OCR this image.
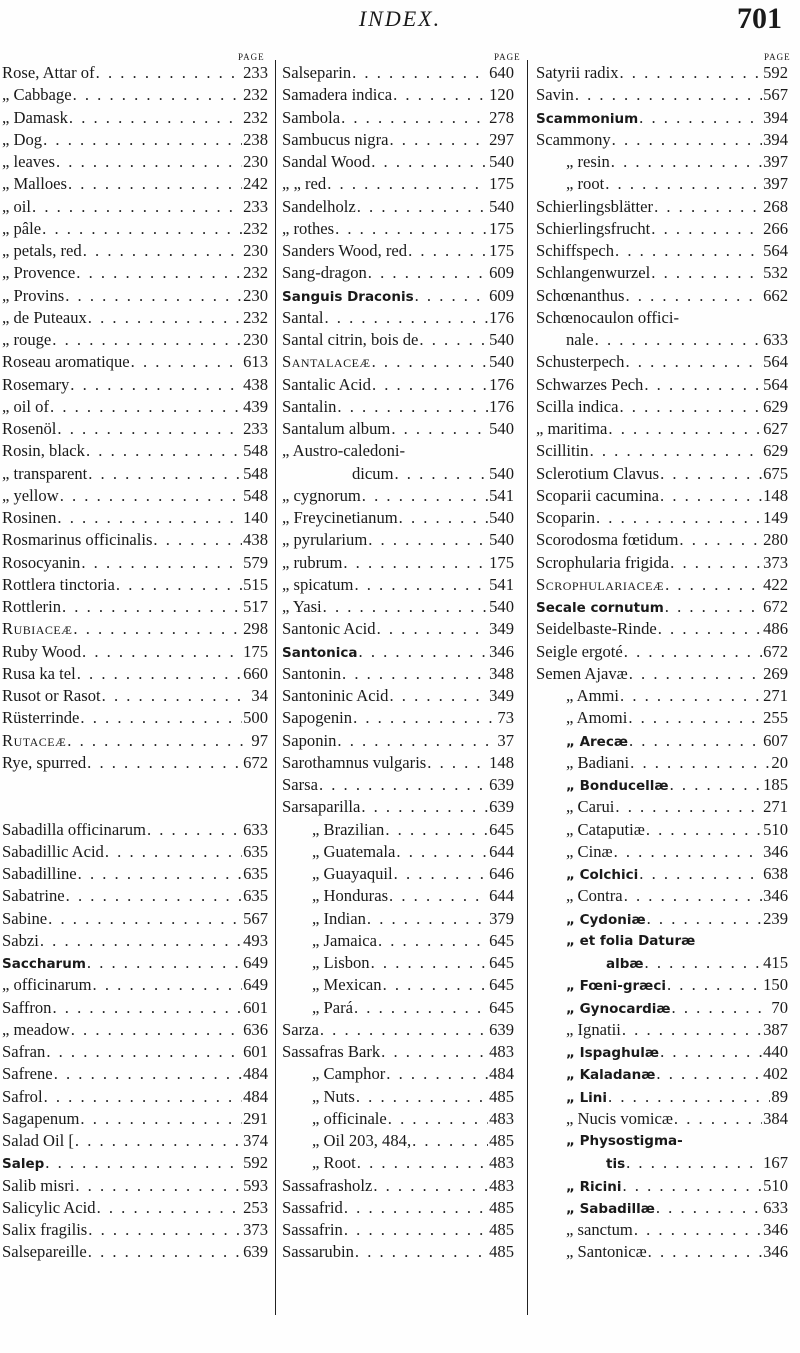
INDEX.	701
PAGE	PAGE	PAGE
Rose, Attar of . . .	233
„ Cabbage . . .	232
„ Damask . . .	232
„ Dog . . .	238
„ leaves . . .	230
„ Malloes . . .	242
„ oil . . .	233
„ pâle . . .	232
„ petals, red . . .	230
„ Provence . . .	232
„ Provins . . .	230
„ de Puteaux . . .	232
„ rouge . . .	230
Roseau aromatique . . .	613
Rosemary . . .	438
„ oil of . . .	439
Rosenöl . . .	233
Rosin, black . . .	548
„ transparent . . .	548
„ yellow . . .	548
Rosinen . . .	140
Rosmarinus officinalis . . .	438
Rosocyanin . . .	579
Rottlera tinctoria . . .	515
Rottlerin . . .	517
Rubiaceæ . . .	298
Ruby Wood . . .	175
Rusa ka tel . . .	660
Rusot or Rasot . . .	34
Rüsterrinde . . .	500
Rutaceæ . . .	97
Rye, spurred . . .	672
Sabadilla officinarum . . .	633
Sabadillic Acid . . .	635
Sabadilline . . .	635
Sabatrine . . .	635
Sabine . . .	567
Sabzi . . .	493
Saccharum . . .	649
„ officinarum . . .	649
Saffron . . .	601
„ meadow . . .	636
Safran . . .	601
Safrene . . .	484
Safrol . . .	484
Sagapenum . . .	291
Salad Oil [ . . .	374
Salep . . .	592
Salib misri . . .	593
Salicylic Acid . . .	253
Salix fragilis . . .	373
Salsepareille . . .	639
Salseparin . . .	640
Samadera indica . . .	120
Sambola . . .	278
Sambucus nigra . . .	297
Sandal Wood . . .	540
„ „ red . . .	175
Sandelholz . . .	540
„ rothes . . .	175
Sanders Wood, red . . .	175
Sang-dragon . . .	609
Sanguis Draconis . . .	609
Santal . . .	176
Santal citrin, bois de . . .	540
Santalaceæ . . .	540
Santalic Acid . . .	176
Santalin . . .	176
Santalum album . . .	540
„ Austro-caledoni-
dicum . . .	540
„ cygnorum . . .	541
„ Freycinetianum . . .	540
„ pyrularium . . .	540
„ rubrum . . .	175
„ spicatum . . .	541
„ Yasi . . .	540
Santonic Acid . . .	349
Santonica . . .	346
Santonin . . .	348
Santoninic Acid . . .	349
Sapogenin . . .	73
Saponin . . .	37
Sarothamnus vulgaris . . .	148
Sarsa . . .	639
Sarsaparilla . . .	639
„ Brazilian . . .	645
„ Guatemala . . .	644
„ Guayaquil . . .	646
„ Honduras . . .	644
„ Indian . . .	379
„ Jamaica . . .	645
„ Lisbon . . .	645
„ Mexican . . .	645
„ Pará . . .	645
Sarza . . .	639
Sassafras Bark . . .	483
„ Camphor . . .	484
„ Nuts . . .	485
„ officinale . . .	483
„ Oil 203, 484, . . .	485
„ Root . . .	483
Sassafrasholz . . .	483
Sassafrid . . .	485
Sassafrin . . .	485
Sassarubin . . .	485
Satyrii radix . . .	592
Savin . . .	567
Scammonium . . .	394
Scammony . . .	394
„ resin . . .	397
„ root . . .	397
Schierlingsblätter . . .	268
Schierlingsfrucht . . .	266
Schiffspech . . .	564
Schlangenwurzel . . .	532
Schœnanthus . . .	662
Schœnocaulon offici-
nale . . .	633
Schusterpech . . .	564
Schwarzes Pech . . .	564
Scilla indica . . .	629
„ maritima . . .	627
Scillitin . . .	629
Sclerotium Clavus . . .	675
Scoparii cacumina . . .	148
Scoparin . . .	149
Scorodosma fœtidum . . .	280
Scrophularia frigida . . .	373
Scrophulariaceæ . . .	422
Secale cornutum . . .	672
Seidelbaste-Rinde . . .	486
Seigle ergoté . . .	672
Semen Ajavæ . . .	269
„ Ammi . . .	271
„ Amomi . . .	255
„ Arecæ . . .	607
„ Badiani . . .	20
„ Bonducellæ . . .	185
„ Carui . . .	271
„ Cataputiæ . . .	510
„ Cinæ . . .	346
„ Colchici . . .	638
„ Contra . . .	346
„ Cydoniæ . . .	239
„ et folia Daturæ
albæ . . .	415
„ Fœni-græci . . .	150
„ Gynocardiæ . . .	70
„ Ignatii . . .	387
„ Ispaghulæ . . .	440
„ Kaladanæ . . .	402
„ Lini . . .	89
„ Nucis vomicæ . . .	384
„ Physostigma-
tis . . .	167
„ Ricini . . .	510
„ Sabadillæ . . .	633
„ sanctum . . .	346
„ Santonicæ . . .	346
